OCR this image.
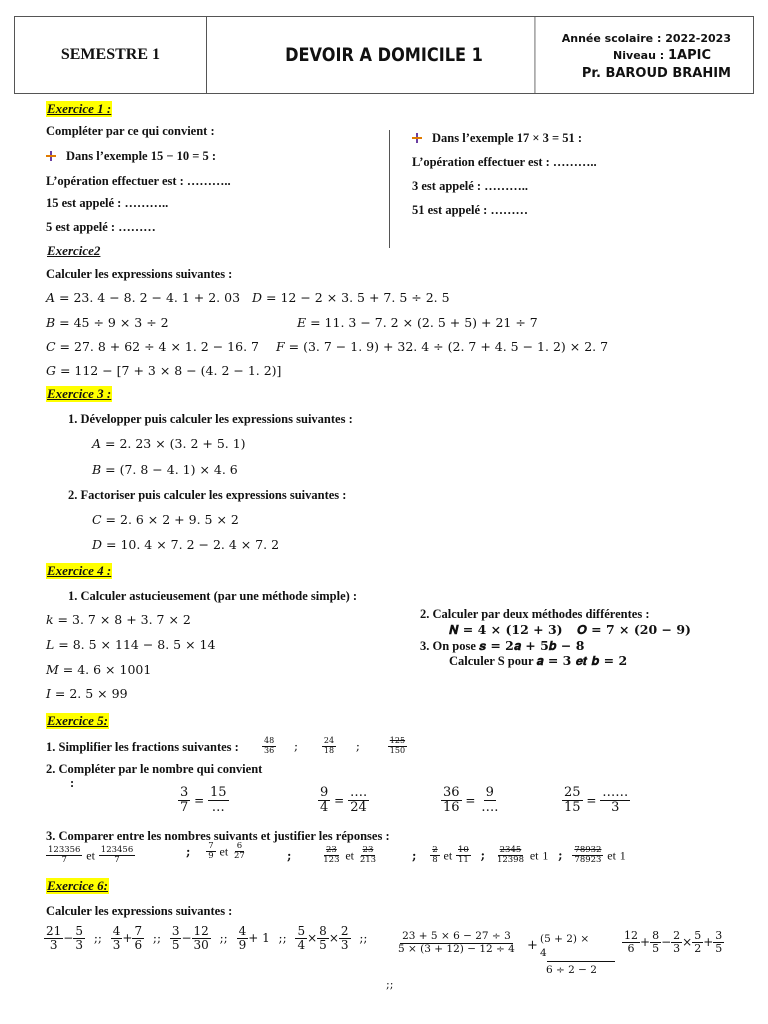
SEMESTRE 1	DEVOIR A DOMICILE 1
Année scolaire : 2022-2023
Niveau : 1APIC
Pr. BAROUD BRAHIM
Exercice 1 :
Compléter par ce qui convient :
Dans l’exemple 15 − 10 = 5 :
L’opération effectuer est : ………..
15 est appelé : ………..
5 est appelé : ………
Dans l’exemple 17 × 3 = 51 :
L’opération effectuer est : ………..
3 est appelé : ………..
51 est appelé : ………
Exercice2
Calculer les expressions suivantes :
𝐴 = 23. 4 − 8. 2 − 4. 1 + 2. 03 𝐷 = 12 − 2 × 3. 5 + 7. 5 ÷ 2. 5
𝐵 = 45 ÷ 9 × 3 ÷ 2	𝐸 = 11. 3 − 7. 2 × (2. 5 + 5) + 21 ÷ 7
𝐶 = 27. 8 + 62 ÷ 4 × 1. 2 − 16. 7 𝐹 = (3. 7 − 1. 9) + 32. 4 ÷ (2. 7 + 4. 5 − 1. 2) × 2. 7
𝐺 = 112 − [7 + 3 × 8 − (4. 2 − 1. 2)]
Exercice 3 :
1. Développer puis calculer les expressions suivantes :
𝐴 = 2. 23 × (3. 2 + 5. 1)
𝐵 = (7. 8 − 4. 1) × 4. 6
2. Factoriser puis calculer les expressions suivantes :
𝐶 = 2. 6 × 2 + 9. 5 × 2
𝐷 = 10. 4 × 7. 2 − 2. 4 × 7. 2
Exercice 4 :
1. Calculer astucieusement (par une méthode simple) :
𝑘 = 3. 7 × 8 + 3. 7 × 2
𝐿 = 8. 5 × 114 − 8. 5 × 14
𝑀 = 4. 6 × 1001
𝐼 = 2. 5 × 99
2. Calculer par deux méthodes différentes :
𝑵 = 𝟒 × (𝟏𝟐 + 𝟑) 𝑶 = 𝟕 × (𝟐𝟎 − 𝟗)
3. On pose 𝒔 = 𝟐𝒂 + 𝟓𝒃 − 𝟖
Calculer S pour 𝒂 = 𝟑 𝒆𝒕 𝒃 = 𝟐
Exercice 5:
1. Simplifier les fractions suivantes :	$\frac{48}{36}$ ;	$\frac{24}{18}$ ;	$\frac{125}{150}$
2. Compléter par le nombre qui convient
:
$\frac{3}{7} = \frac{15}{\dots}$	$\frac{9}{4} = \frac{\dots.}{24}$	$\frac{36}{16} = \frac{9}{\dots.}$	$\frac{25}{15} = \frac{\dots\dots}{3}$
3. Comparer entre les nombres suivants et justifier les réponses :
$\frac{123356}{7}$ et $\frac{123456}{7}$	; $\frac{7}{9}$ et $\frac{6}{27}$	;	$\frac{23}{123}$ et $\frac{23}{213}$	; $\frac{2}{8}$ et $\frac{10}{11}$ ; $\frac{2345}{12398}$ et 1 ; $\frac{78932}{78923}$ et 1
Exercice 6:
Calculer les expressions suivantes :
$\frac{21}{3} - \frac{5}{3}$ ;; $\frac{4}{3} + \frac{7}{6}$ ;; $\frac{3}{5} - \frac{12}{30}$ ;; $\frac{4}{9} + 1$ ;; $\frac{5}{4} \times \frac{8}{5} \times \frac{2}{3}$ ;;	$\frac{23 + 5 \times 6 - 27 \div 3}{5 \times (3 + 12) - 12 \div 4} + (5 + 2)$ ×
4
6 ÷ 2 − 2
$\frac{12}{6} + \frac{8}{5} - \frac{2}{3} \times \frac{5}{2} + \frac{3}{5}$
;;
